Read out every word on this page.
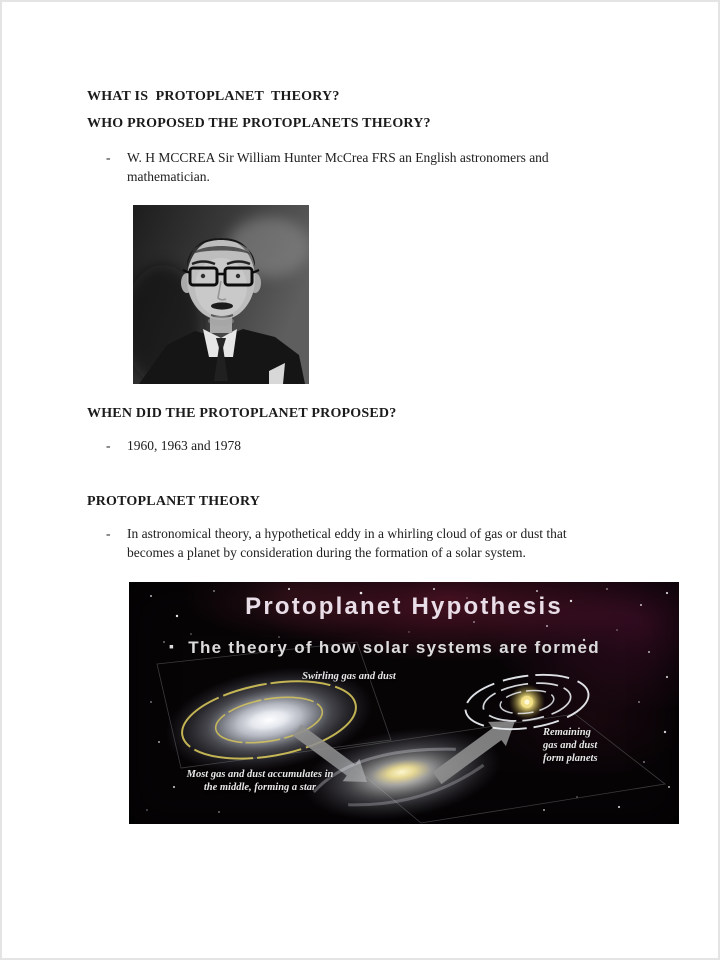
WHAT IS  PROTOPLANET  THEORY?
WHO PROPOSED THE PROTOPLANETS THEORY?
- W. H MCCREA Sir William Hunter McCrea FRS an English astronomers and mathematician.
WHEN DID THE PROTOPLANET PROPOSED?
- 1960, 1963 and 1978
PROTOPLANET THEORY
- In astronomical theory, a hypothetical eddy in a whirling cloud of gas or dust that becomes a planet by consideration during the formation of a solar system.
Protoplanet Hypothesis
▪ The theory of how solar systems are formed
Swirling gas and dust
Most gas and dust accumulates in the middle, forming a star
Remaining gas and dust form planets
